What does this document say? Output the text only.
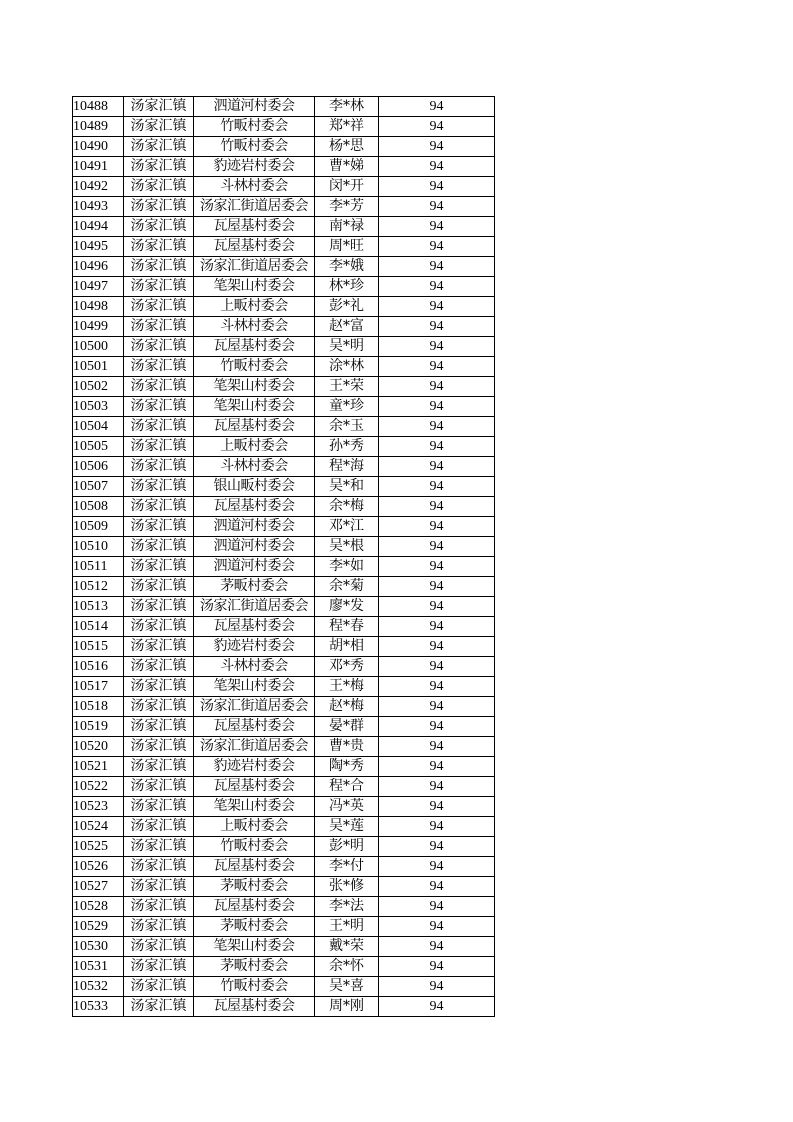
10488	汤家汇镇	泗道河村委会	李*林	94
10489	汤家汇镇	竹畈村委会	郑*祥	94
10490	汤家汇镇	竹畈村委会	杨*思	94
10491	汤家汇镇	豹迹岩村委会	曹*娣	94
10492	汤家汇镇	斗林村委会	闵*开	94
10493	汤家汇镇	汤家汇街道居委会	李*芳	94
10494	汤家汇镇	瓦屋基村委会	南*禄	94
10495	汤家汇镇	瓦屋基村委会	周*旺	94
10496	汤家汇镇	汤家汇街道居委会	李*娥	94
10497	汤家汇镇	笔架山村委会	林*珍	94
10498	汤家汇镇	上畈村委会	彭*礼	94
10499	汤家汇镇	斗林村委会	赵*富	94
10500	汤家汇镇	瓦屋基村委会	吴*明	94
10501	汤家汇镇	竹畈村委会	涂*林	94
10502	汤家汇镇	笔架山村委会	王*荣	94
10503	汤家汇镇	笔架山村委会	童*珍	94
10504	汤家汇镇	瓦屋基村委会	余*玉	94
10505	汤家汇镇	上畈村委会	孙*秀	94
10506	汤家汇镇	斗林村委会	程*海	94
10507	汤家汇镇	银山畈村委会	吴*和	94
10508	汤家汇镇	瓦屋基村委会	余*梅	94
10509	汤家汇镇	泗道河村委会	邓*江	94
10510	汤家汇镇	泗道河村委会	吴*根	94
10511	汤家汇镇	泗道河村委会	李*如	94
10512	汤家汇镇	茅畈村委会	余*菊	94
10513	汤家汇镇	汤家汇街道居委会	廖*发	94
10514	汤家汇镇	瓦屋基村委会	程*春	94
10515	汤家汇镇	豹迹岩村委会	胡*相	94
10516	汤家汇镇	斗林村委会	邓*秀	94
10517	汤家汇镇	笔架山村委会	王*梅	94
10518	汤家汇镇	汤家汇街道居委会	赵*梅	94
10519	汤家汇镇	瓦屋基村委会	晏*群	94
10520	汤家汇镇	汤家汇街道居委会	曹*贵	94
10521	汤家汇镇	豹迹岩村委会	陶*秀	94
10522	汤家汇镇	瓦屋基村委会	程*合	94
10523	汤家汇镇	笔架山村委会	冯*英	94
10524	汤家汇镇	上畈村委会	吴*莲	94
10525	汤家汇镇	竹畈村委会	彭*明	94
10526	汤家汇镇	瓦屋基村委会	李*付	94
10527	汤家汇镇	茅畈村委会	张*修	94
10528	汤家汇镇	瓦屋基村委会	李*法	94
10529	汤家汇镇	茅畈村委会	王*明	94
10530	汤家汇镇	笔架山村委会	戴*荣	94
10531	汤家汇镇	茅畈村委会	余*怀	94
10532	汤家汇镇	竹畈村委会	吴*喜	94
10533	汤家汇镇	瓦屋基村委会	周*刚	94
